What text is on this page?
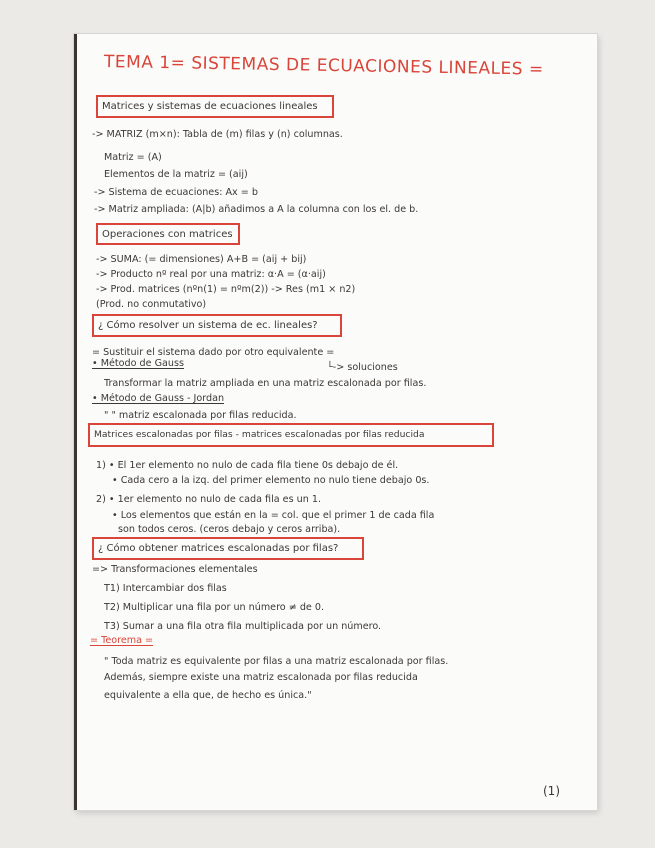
TEMA 1= SISTEMAS DE ECUACIONES LINEALES =
Matrices y sistemas de ecuaciones lineales
-> MATRIZ (m×n): Tabla de (m) filas y (n) columnas.
Matriz = (A)
Elementos de la matriz = (aij)
-> Sistema de ecuaciones: Ax = b
-> Matriz ampliada: (A|b) añadimos a A la columna con los el. de b.
Operaciones con matrices
-> SUMA: (= dimensiones) A+B = (aij + bij)
-> Producto nº real por una matriz: α·A = (α·aij)
-> Prod. matrices (nºn(1) = nºm(2)) -> Res (m1 × n2)
(Prod. no conmutativo)
¿ Cómo resolver un sistema de ec. lineales?
= Sustituir el sistema dado por otro equivalente =
└-> soluciones
• Método de Gauss
Transformar la matriz ampliada en una matriz escalonada por filas.
• Método de Gauss - Jordan
" " matriz escalonada por filas reducida.
Matrices escalonadas por filas - matrices escalonadas por filas reducida
1) • El 1er elemento no nulo de cada fila tiene 0s debajo de él.
• Cada cero a la izq. del primer elemento no nulo tiene debajo 0s.
2) • 1er elemento no nulo de cada fila es un 1.
• Los elementos que están en la = col. que el primer 1 de cada fila
son todos ceros. (ceros debajo y ceros arriba).
¿ Cómo obtener matrices escalonadas por filas?
=> Transformaciones elementales
T1) Intercambiar dos filas
T2) Multiplicar una fila por un número ≠ de 0.
T3) Sumar a una fila otra fila multiplicada por un número.
= Teorema =
" Toda matriz es equivalente por filas a una matriz escalonada por filas.
Además, siempre existe una matriz escalonada por filas reducida
equivalente a ella que, de hecho es única."
(1)
